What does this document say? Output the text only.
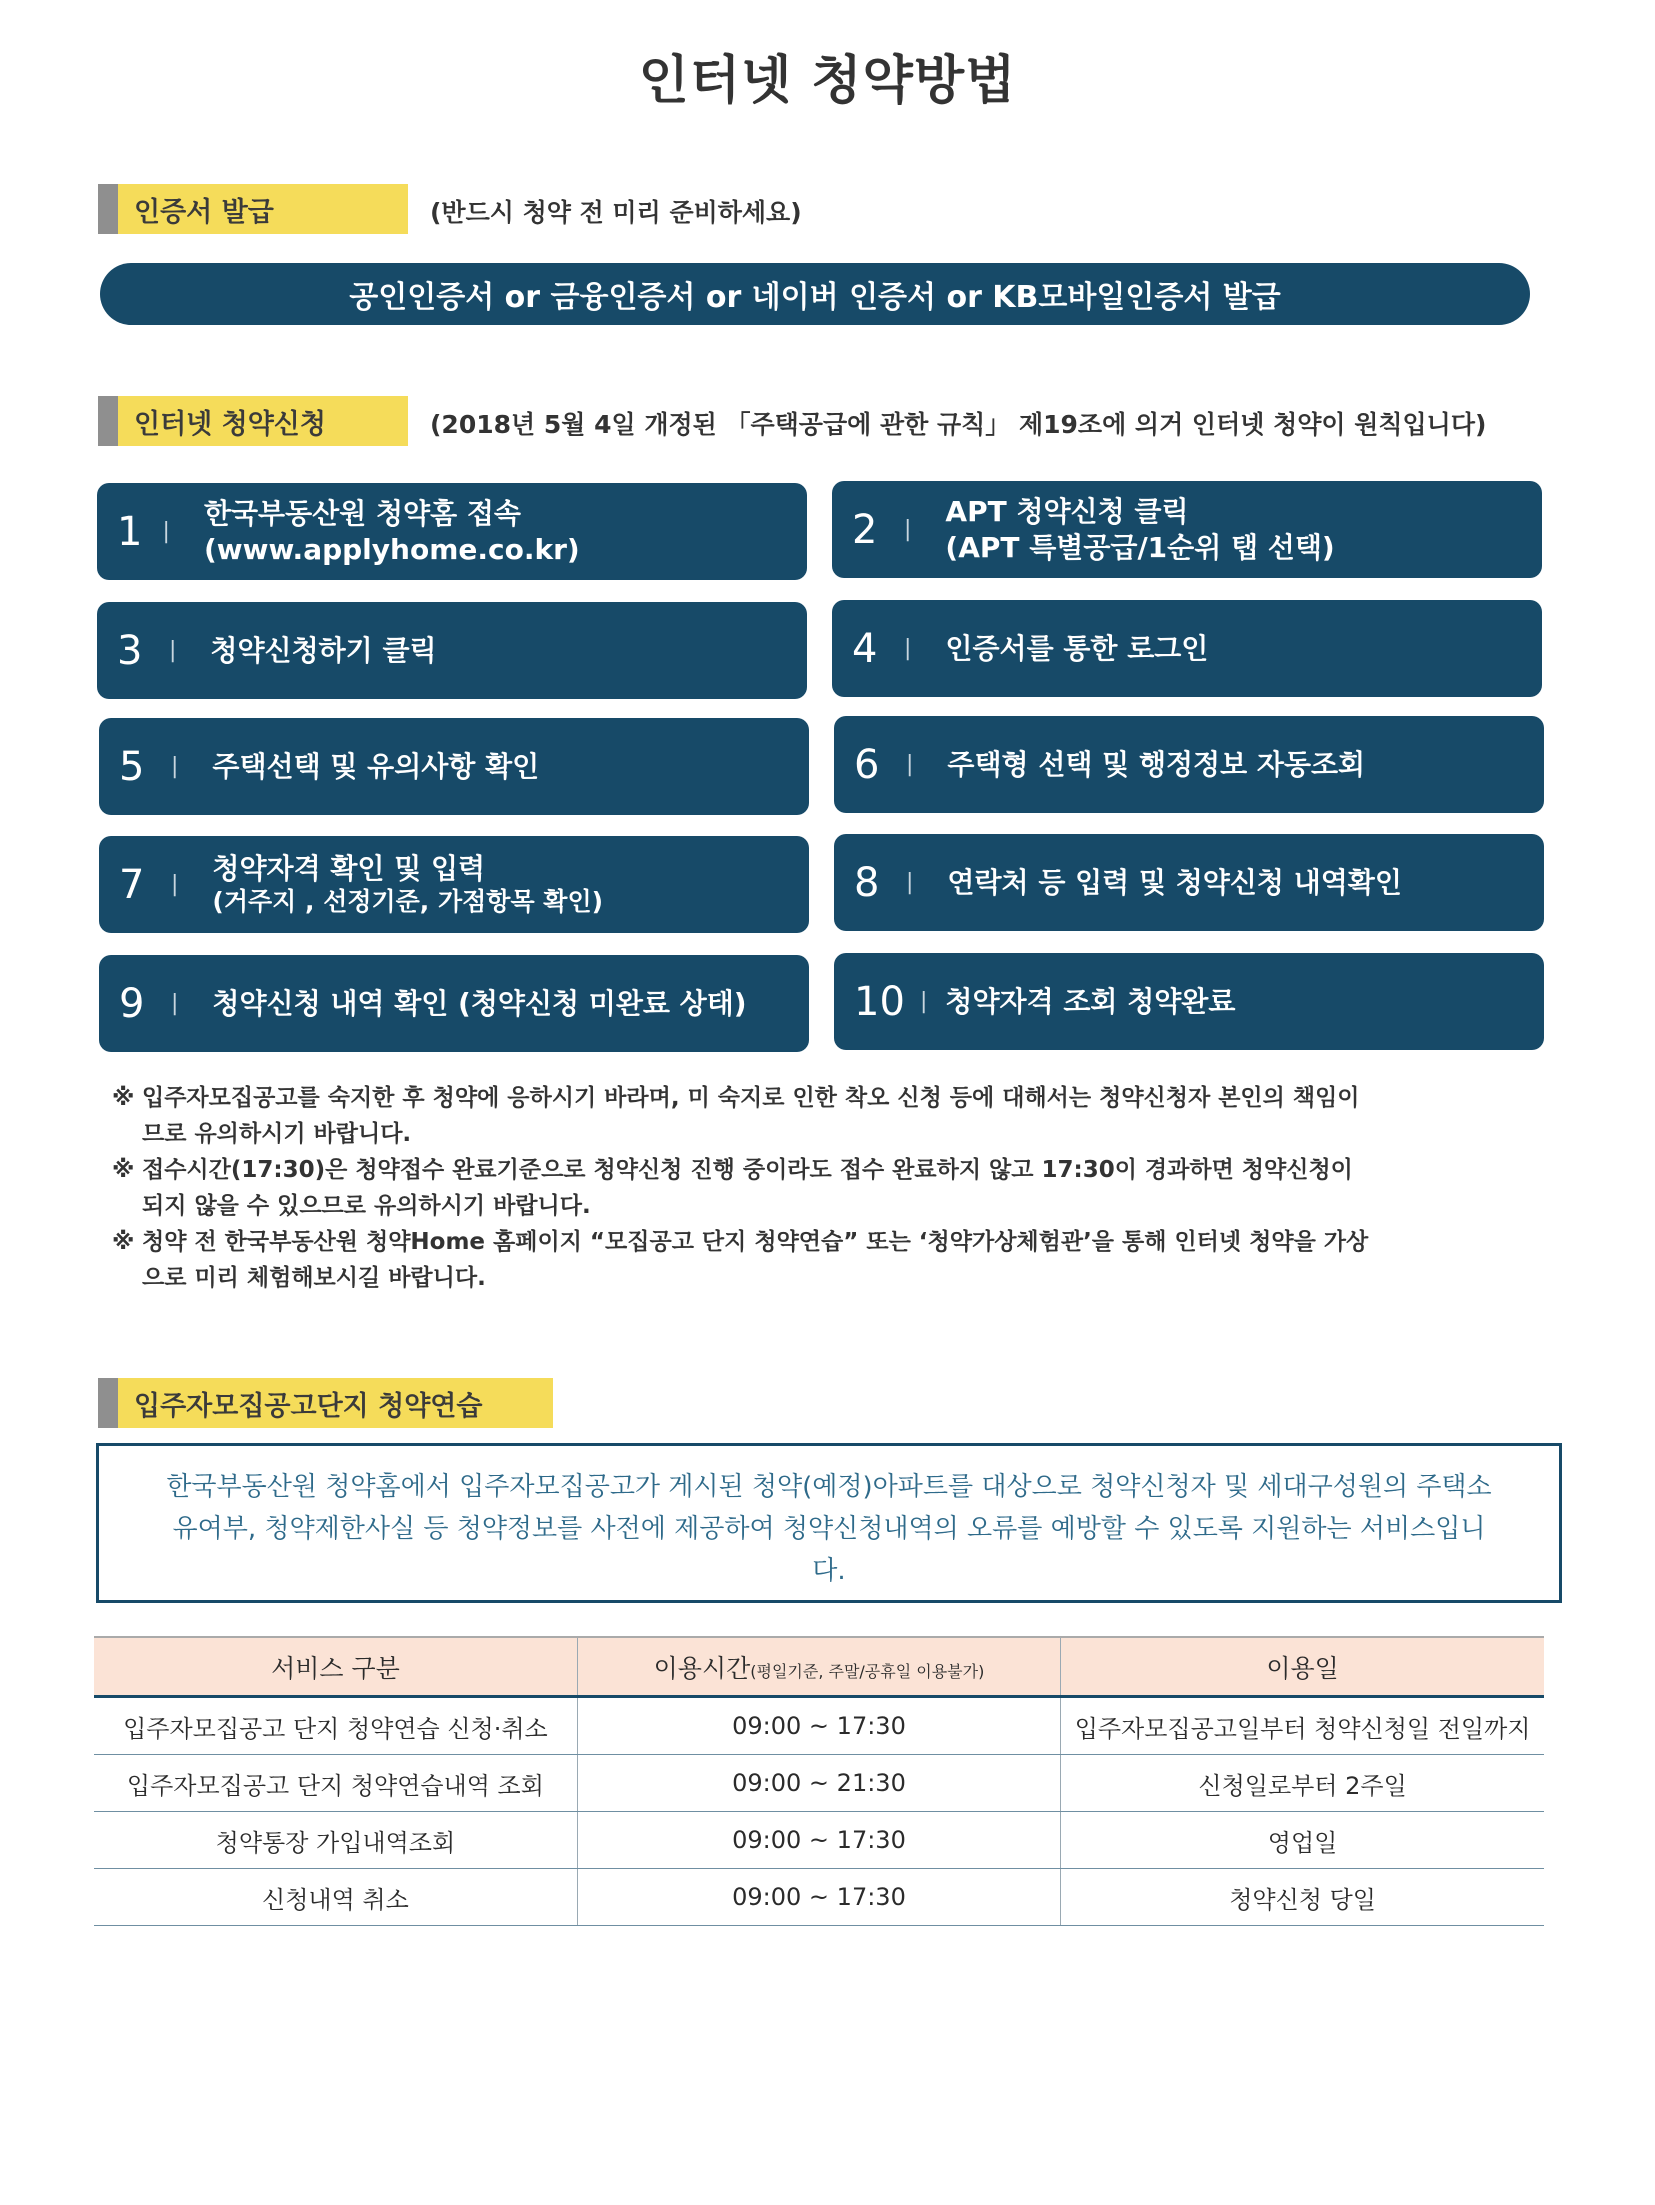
인터넷 청약방법
인증서 발급	(반드시 청약 전 미리 준비하세요)
공인인증서 or 금융인증서 or 네이버 인증서 or KB모바일인증서 발급
인터넷 청약신청	(2018년 5월 4일 개정된 「주택공급에 관한 규칙」 제19조에 의거 인터넷 청약이 원칙입니다)
1 |
한국부동산원 청약홈 접속(www.applyhome.co.kr)	2	|
APT 청약신청 클릭
(APT 특별공급/1순위 탭 선택)
3	| 청약신청하기 클릭	4	| 인증서를 통한 로그인
5	| 주택선택 및 유의사항 확인	6	| 주택형 선택 및 행정정보 자동조회
7	| 청약자격 확인 및 입력
(거주지 , 선정기준, 가점항목 확인)	8	| 연락처 등 입력 및 청약신청 내역확인
9	| 청약신청 내역 확인 (청약신청 미완료 상태)	10 | 청약자격 조회 청약완료
※ 입주자모집공고를 숙지한 후 청약에 응하시기 바라며, 미 숙지로 인한 착오 신청 등에 대해서는 청약신청자 본인의 책임이므로 유의하시기 바랍니다.
※ 접수시간(17:30)은 청약접수 완료기준으로 청약신청 진행 중이라도 접수 완료하지 않고 17:30이 경과하면 청약신청이 되지 않을 수 있으므로 유의하시기 바랍니다.
※ 청약 전 한국부동산원 청약Home 홈페이지 “모집공고 단지 청약연습” 또는 ‘청약가상체험관’을 통해 인터넷 청약을 가상으로 미리 체험해보시길 바랍니다.
입주자모집공고단지 청약연습
한국부동산원 청약홈에서 입주자모집공고가 게시된 청약(예정)아파트를 대상으로 청약신청자 및 세대구성원의 주택소유여부, 청약제한사실 등 청약정보를 사전에 제공하여 청약신청내역의 오류를 예방할 수 있도록 지원하는 서비스입니다.
서비스 구분	이용시간(평일기준, 주말/공휴일 이용불가)	이용일
입주자모집공고 단지 청약연습 신청·취소	09:00 ~ 17:30	입주자모집공고일부터 청약신청일 전일까지
입주자모집공고 단지 청약연습내역 조회	09:00 ~ 21:30	신청일로부터 2주일
청약통장 가입내역조회	09:00 ~ 17:30	영업일
신청내역 취소	09:00 ~ 17:30	청약신청 당일
